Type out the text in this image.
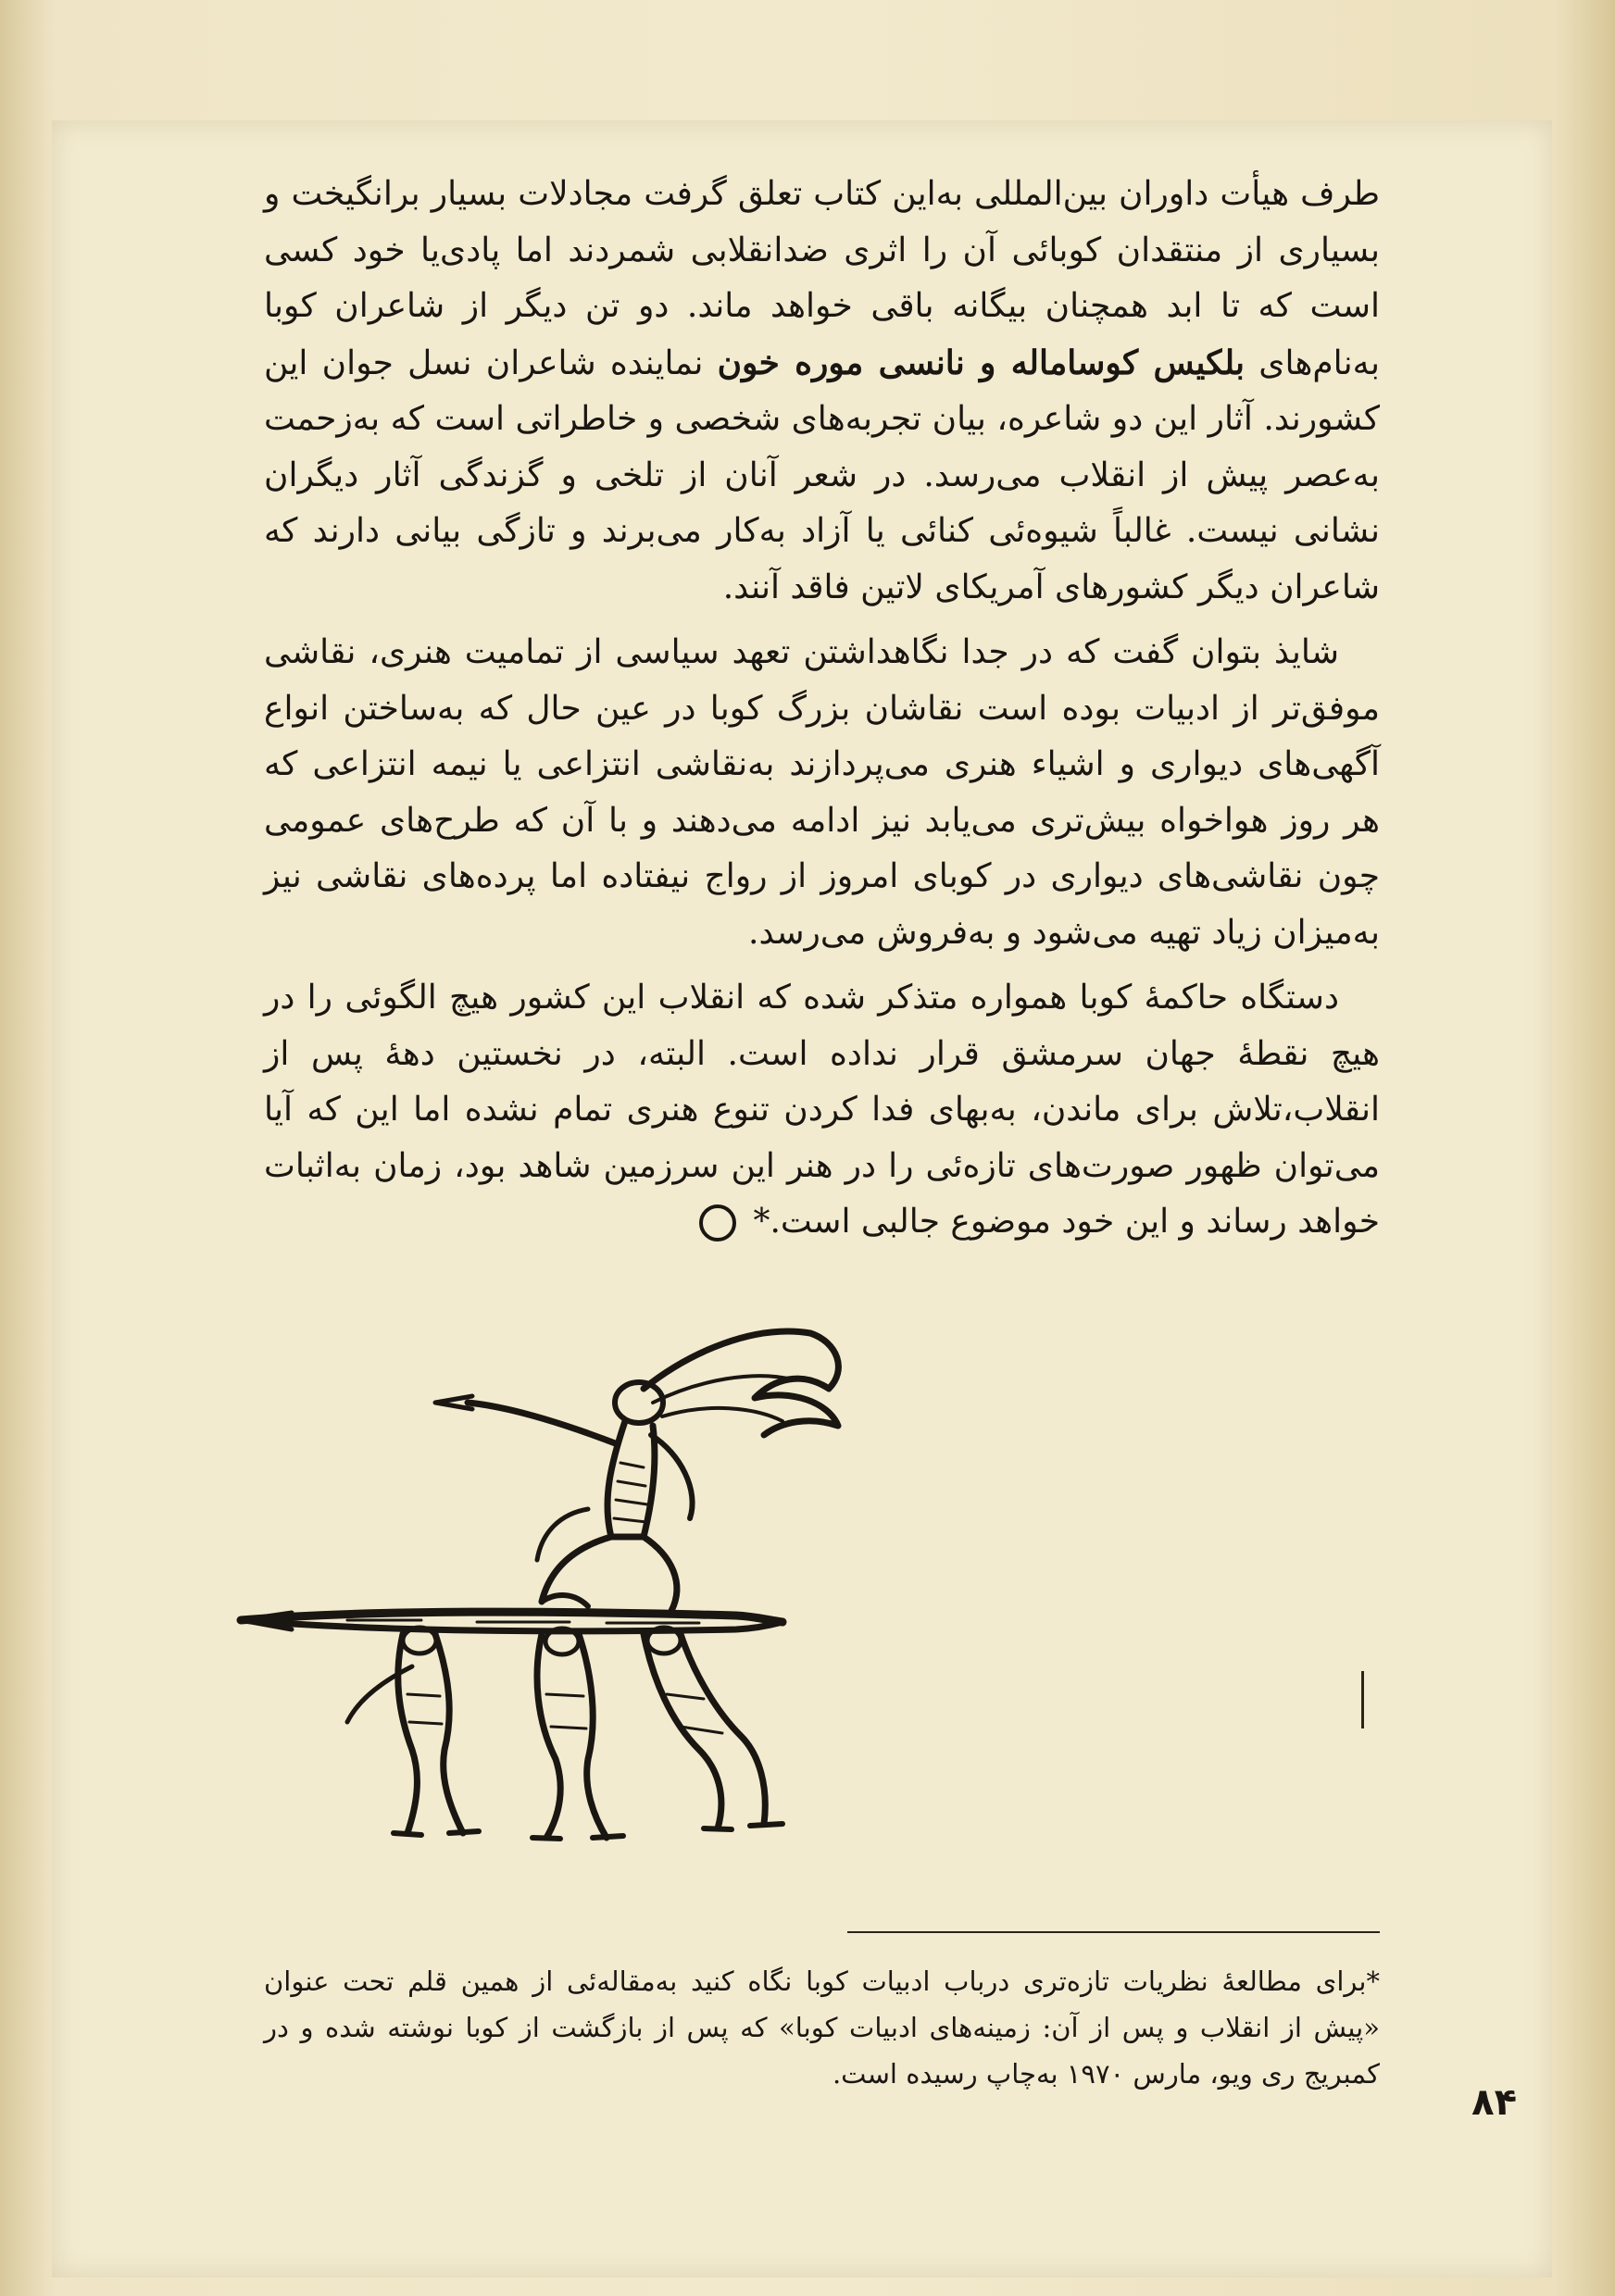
طرف هیأت داوران بین‌المللی به‌این کتاب تعلق گرفت مجادلات بسیار برانگیخت و بسیاری از منتقدان کوبائی آن را اثری ضدانقلابی شمردند اما پادی‌یا خود کسی است که تا ابد همچنان بیگانه باقی خواهد ماند. دو تن دیگر از شاعران کوبا به‌نام‌های بلکیس کوساماله و نانسی موره خون نماینده شاعران نسل جوان این کشورند. آثار این دو شاعره، بیان تجربه‌های شخصی و خاطراتی است که به‌زحمت به‌عصر پیش از انقلاب می‌رسد. در شعر آنان از تلخی و گزندگی آثار دیگران نشانی نیست. غالباً شیوه‌ئی کنائی یا آزاد به‌کار می‌برند و تازگی بیانی دارند که شاعران دیگر کشورهای آمریکای لاتین فاقد آنند.

شایذ بتوان گفت که در جدا نگاهداشتن تعهد سیاسی از تمامیت هنری، نقاشی موفق‌تر از ادبیات بوده است نقاشان بزرگ کوبا در عین حال که به‌ساختن انواع آگهی‌های دیواری و اشیاء هنری می‌پردازند به‌نقاشی انتزاعی یا نیمه انتزاعی که هر روز هواخواه بیش‌تری می‌یابد نیز ادامه می‌دهند و با آن که طرح‌های عمومی چون نقاشی‌های دیواری در کوبای امروز از رواج نیفتاده اما پرده‌های نقاشی نیز به‌میزان زیاد تهیه می‌شود و به‌فروش می‌رسد.

دستگاه حاکمهٔ کوبا همواره متذکر شده که انقلاب این کشور هیچ الگوئی را در هیچ نقطهٔ جهان سرمشق قرار نداده است. البته، در نخستین دههٔ پس از انقلاب،تلاش برای ماندن، به‌بهای فدا کردن تنوع هنری تمام نشده اما این که آیا می‌توان ظهور صورت‌های تازه‌ئی را در هنر این سرزمین شاهد بود، زمان به‌اثبات خواهد رساند و این خود موضوع جالبی است.*

*برای مطالعهٔ نظریات تازه‌تری درباب ادبیات کوبا نگاه کنید به‌مقاله‌ئی از همین قلم تحت عنوان «پیش از انقلاب و پس از آن: زمینه‌های ادبیات کوبا» که پس از بازگشت از کوبا نوشته شده و در کمبریج ری ویو، مارس ۱۹۷۰ به‌چاپ رسیده است.

۸۴
